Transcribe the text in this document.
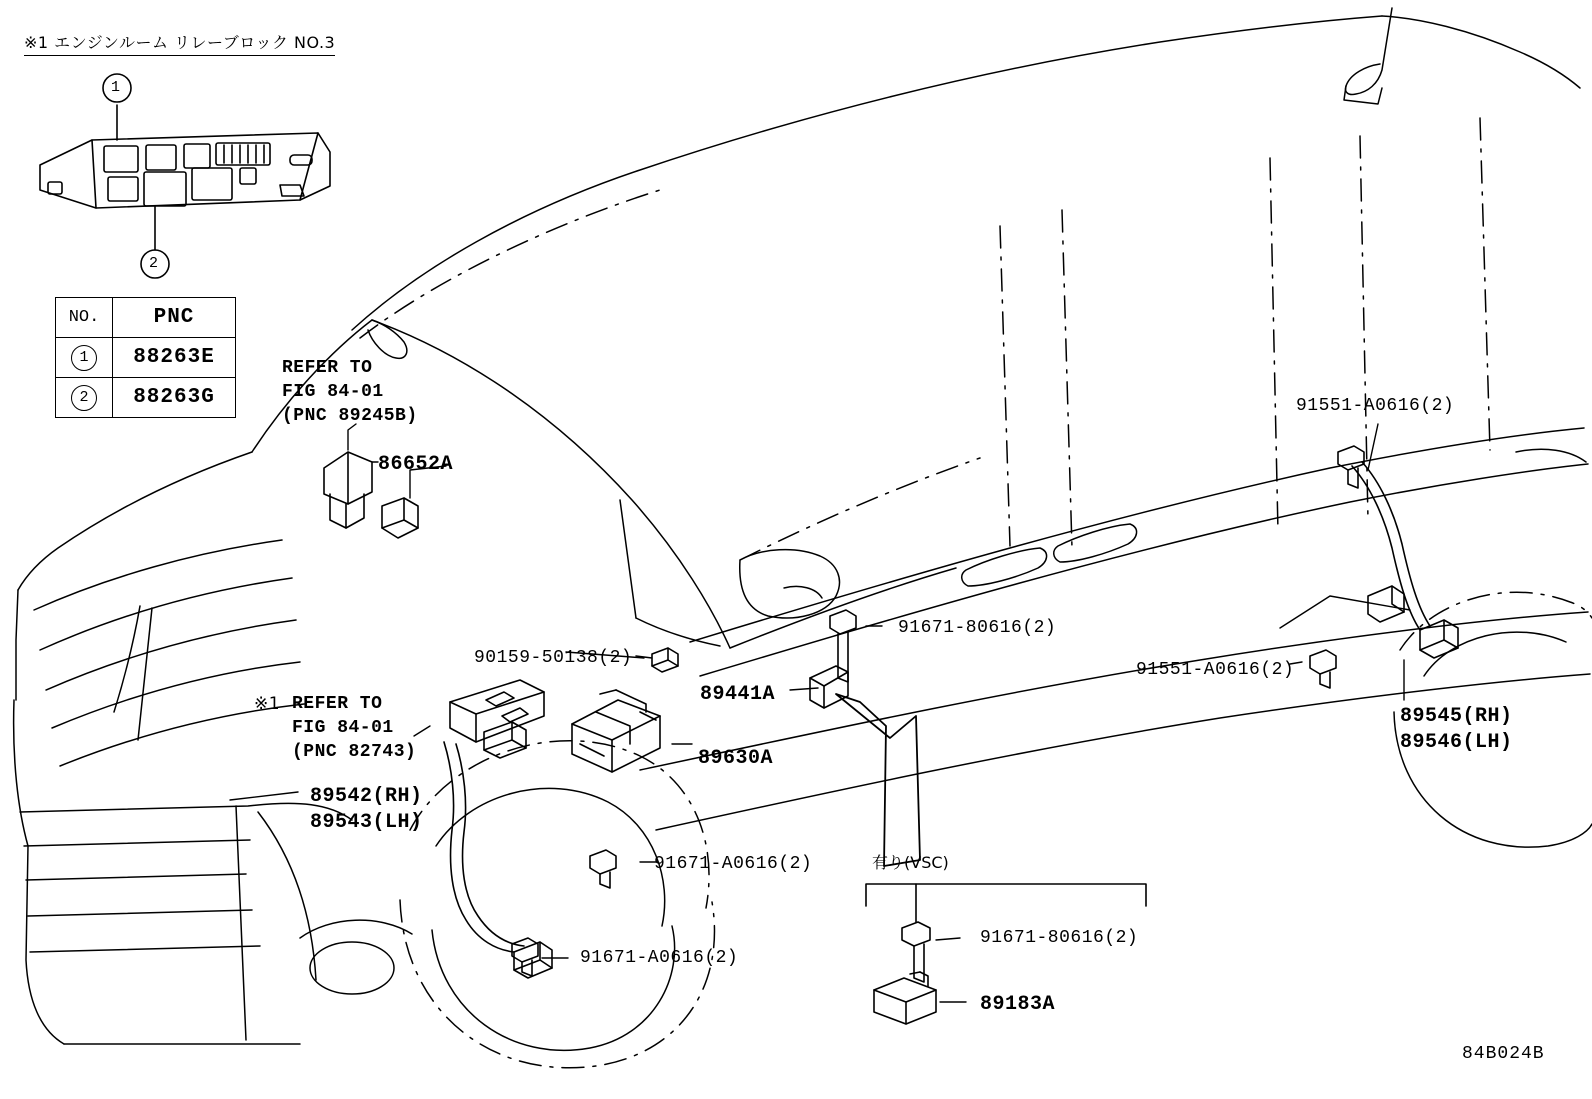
※1 エンジンルーム リレーブロック NO.3
1
2
NO.	PNC
1	88263E
2	88263G
REFER TO
FIG 84-01
(PNC 89245B)
86652A
90159-50138(2)
※1 REFER TO
FIG 84-01
(PNC 82743)
89542(RH)
89543(LH)
89441A
89630A
91671-80616(2)
91671-A0616(2)
91671-A0616(2)
91551-A0616(2)
91551-A0616(2)
89545(RH)
89546(LH)
有り(VSC)
91671-80616(2)
89183A
84B024B
